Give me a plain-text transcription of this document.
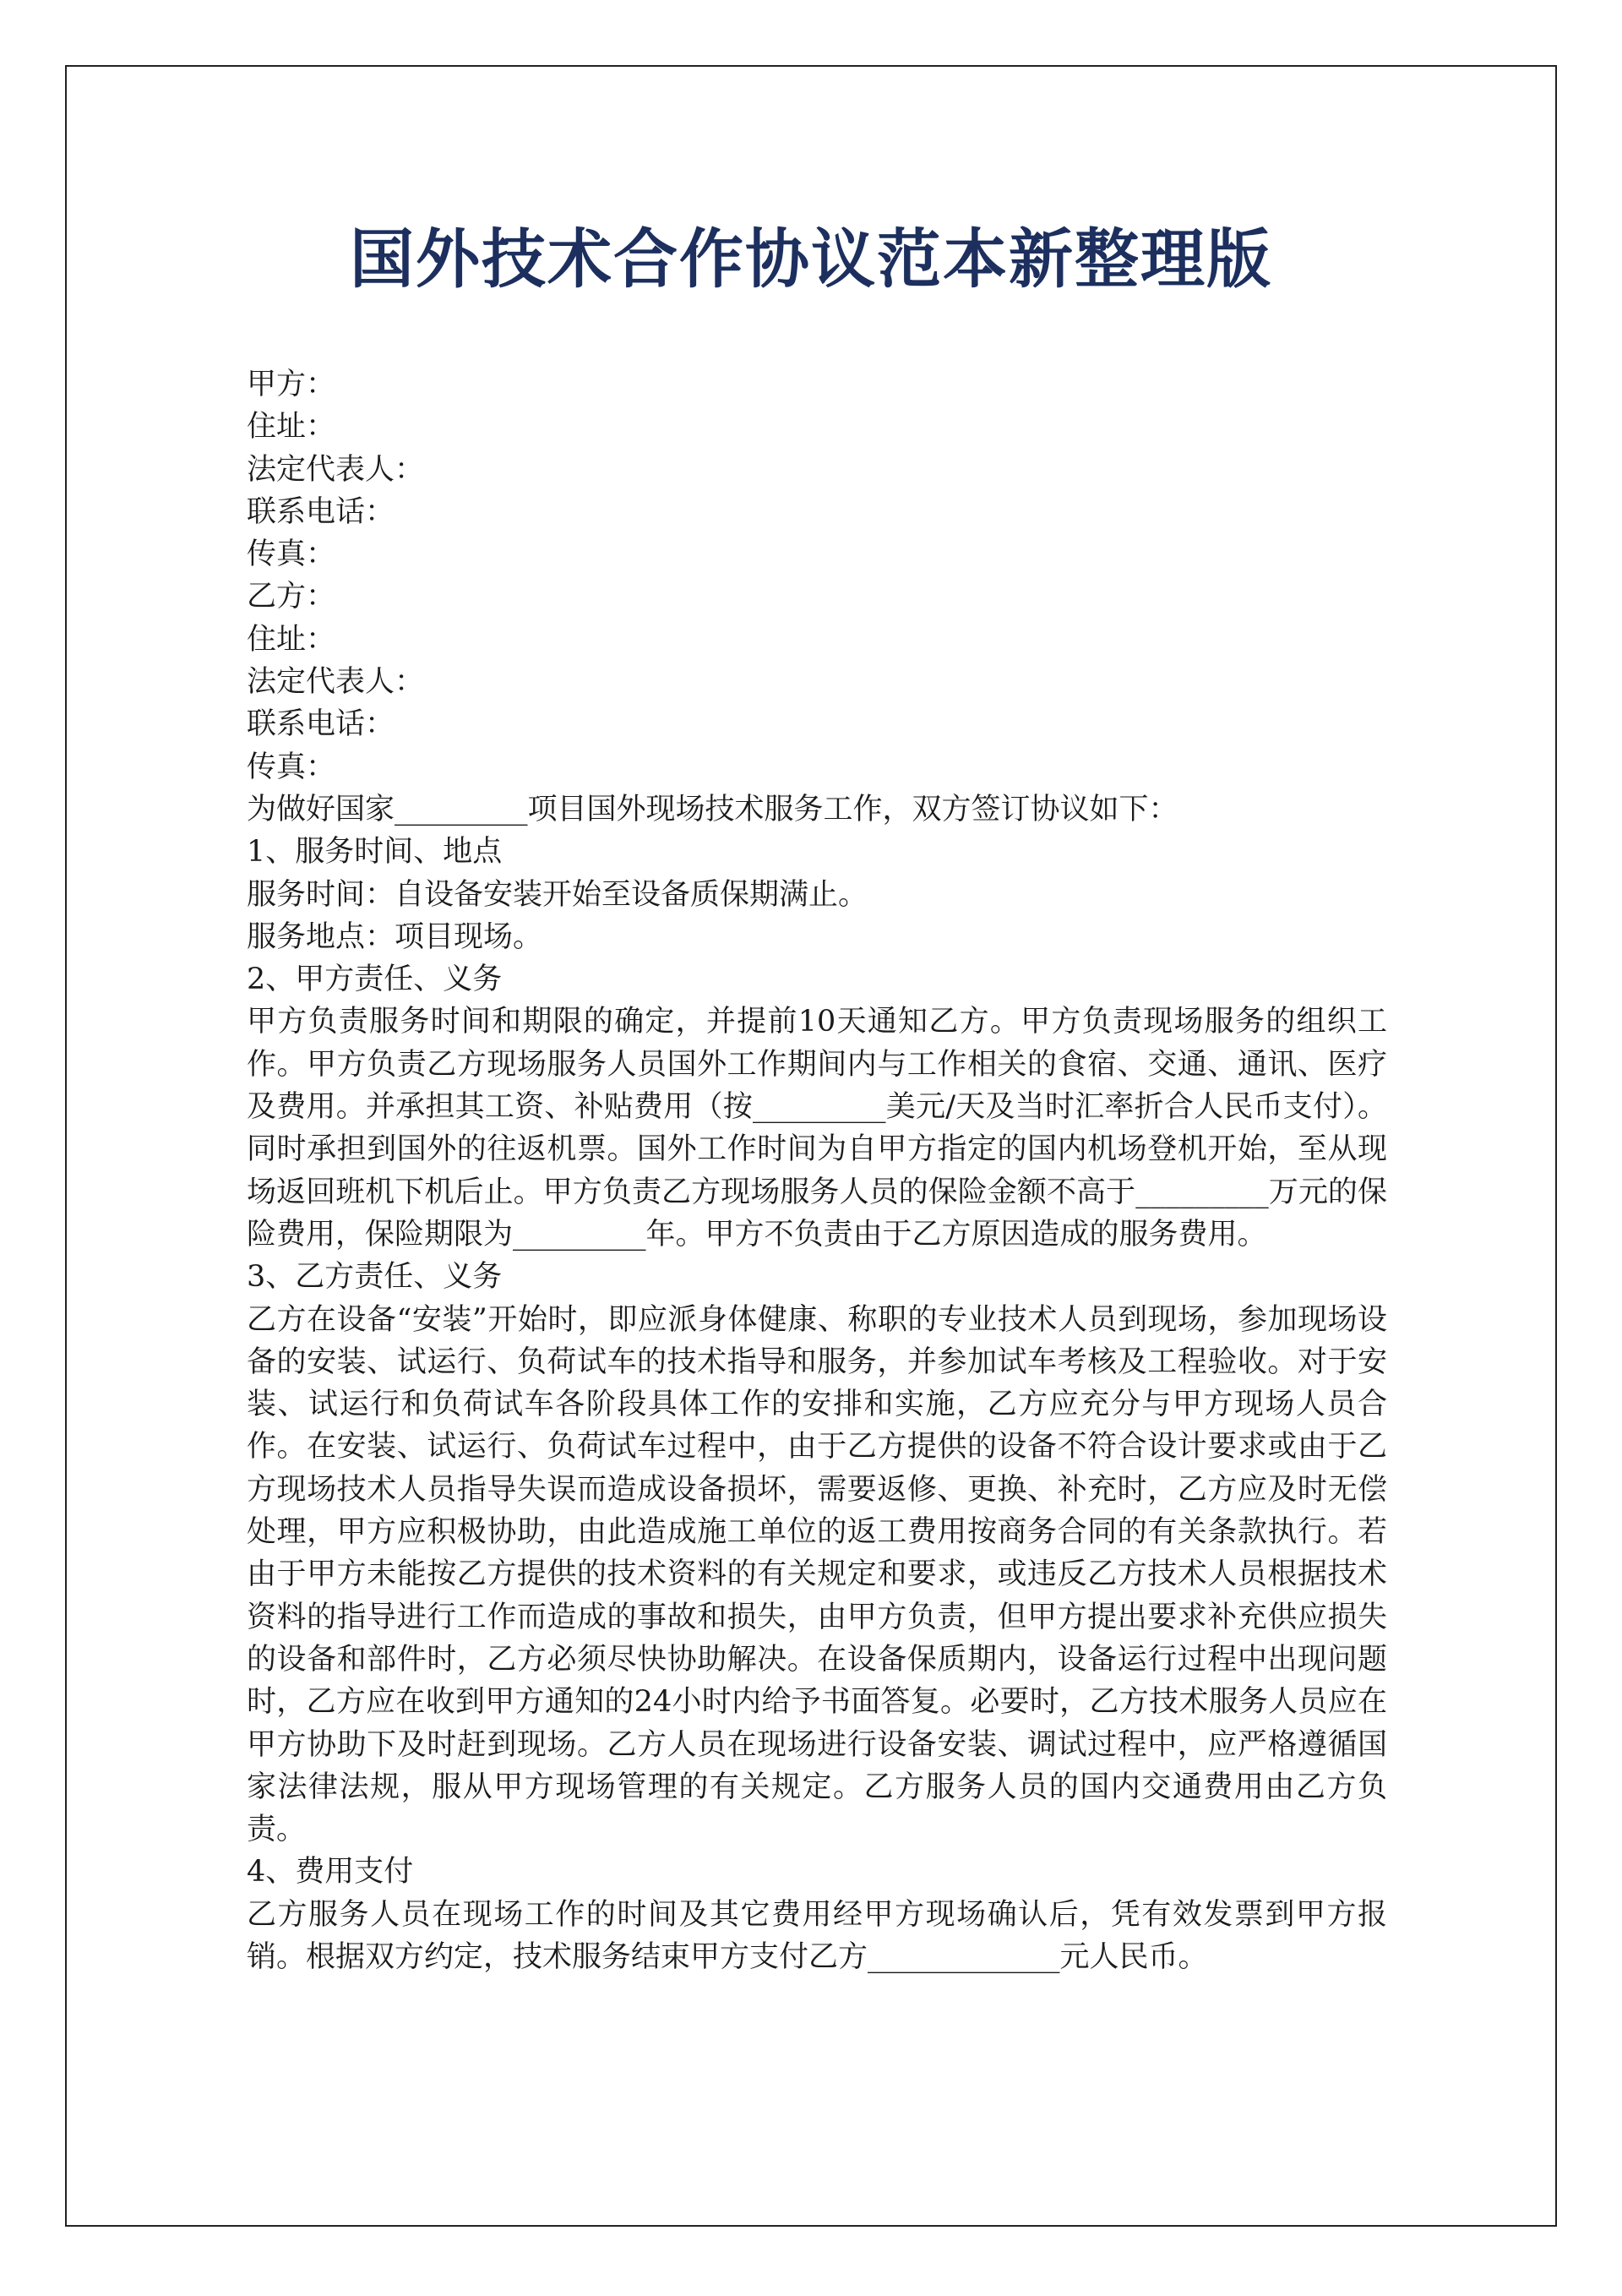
国外技术合作协议范本新整理版

甲方：

住址：

法定代表人：

联系电话：

传真：

乙方：

住址：

法定代表人：

联系电话：

传真：

为做好国家_________项目国外现场技术服务工作，双方签订协议如下：

1、服务时间、地点

服务时间：自设备安装开始至设备质保期满止。

服务地点：项目现场。

2、甲方责任、义务

甲方负责服务时间和期限的确定，并提前10天通知乙方。甲方负责现场服务的组织工作。甲方负责乙方现场服务人员国外工作期间内与工作相关的食宿、交通、通讯、医疗及费用。并承担其工资、补贴费用（按_________美元/天及当时汇率折合人民币支付）。同时承担到国外的往返机票。国外工作时间为自甲方指定的国内机场登机开始，至从现场返回班机下机后止。甲方负责乙方现场服务人员的保险金额不高于_________万元的保险费用，保险期限为_________年。甲方不负责由于乙方原因造成的服务费用。

3、乙方责任、义务

乙方在设备“安装”开始时，即应派身体健康、称职的专业技术人员到现场，参加现场设备的安装、试运行、负荷试车的技术指导和服务，并参加试车考核及工程验收。对于安装、试运行和负荷试车各阶段具体工作的安排和实施，乙方应充分与甲方现场人员合作。在安装、试运行、负荷试车过程中，由于乙方提供的设备不符合设计要求或由于乙方现场技术人员指导失误而造成设备损坏，需要返修、更换、补充时，乙方应及时无偿处理，甲方应积极协助，由此造成施工单位的返工费用按商务合同的有关条款执行。若由于甲方未能按乙方提供的技术资料的有关规定和要求，或违反乙方技术人员根据技术资料的指导进行工作而造成的事故和损失，由甲方负责，但甲方提出要求补充供应损失的设备和部件时，乙方必须尽快协助解决。在设备保质期内，设备运行过程中出现问题时，乙方应在收到甲方通知的24小时内给予书面答复。必要时，乙方技术服务人员应在甲方协助下及时赶到现场。乙方人员在现场进行设备安装、调试过程中，应严格遵循国家法律法规，服从甲方现场管理的有关规定。乙方服务人员的国内交通费用由乙方负责。

4、费用支付

乙方服务人员在现场工作的时间及其它费用经甲方现场确认后，凭有效发票到甲方报销。根据双方约定，技术服务结束甲方支付乙方_____________元人民币。
